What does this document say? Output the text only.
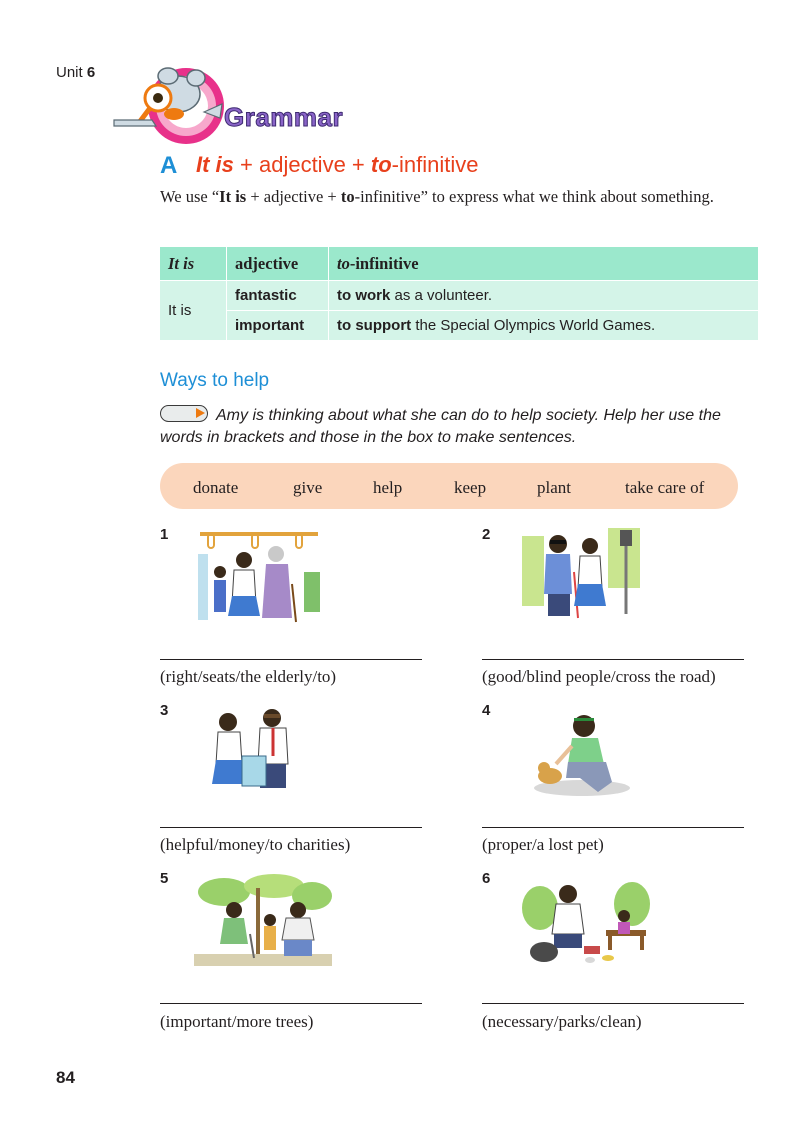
Unit 6
Grammar
A It is + adjective + to-infinitive
We use “It is + adjective + to-infinitive” to express what we think about something.
It is	adjective	to-infinitive
It is	fantastic	to work as a volunteer.
	important	to support the Special Olympics World Games.
Ways to help
Amy is thinking about what she can do to help society. Help her use the words in brackets and those in the box to make sentences.
donate	give	help	keep	plant	take care of
1
(right/seats/the elderly/to)
2
(good/blind people/cross the road)
3
(helpful/money/to charities)
4
(proper/a lost pet)
5
(important/more trees)
6
(necessary/parks/clean)
84
